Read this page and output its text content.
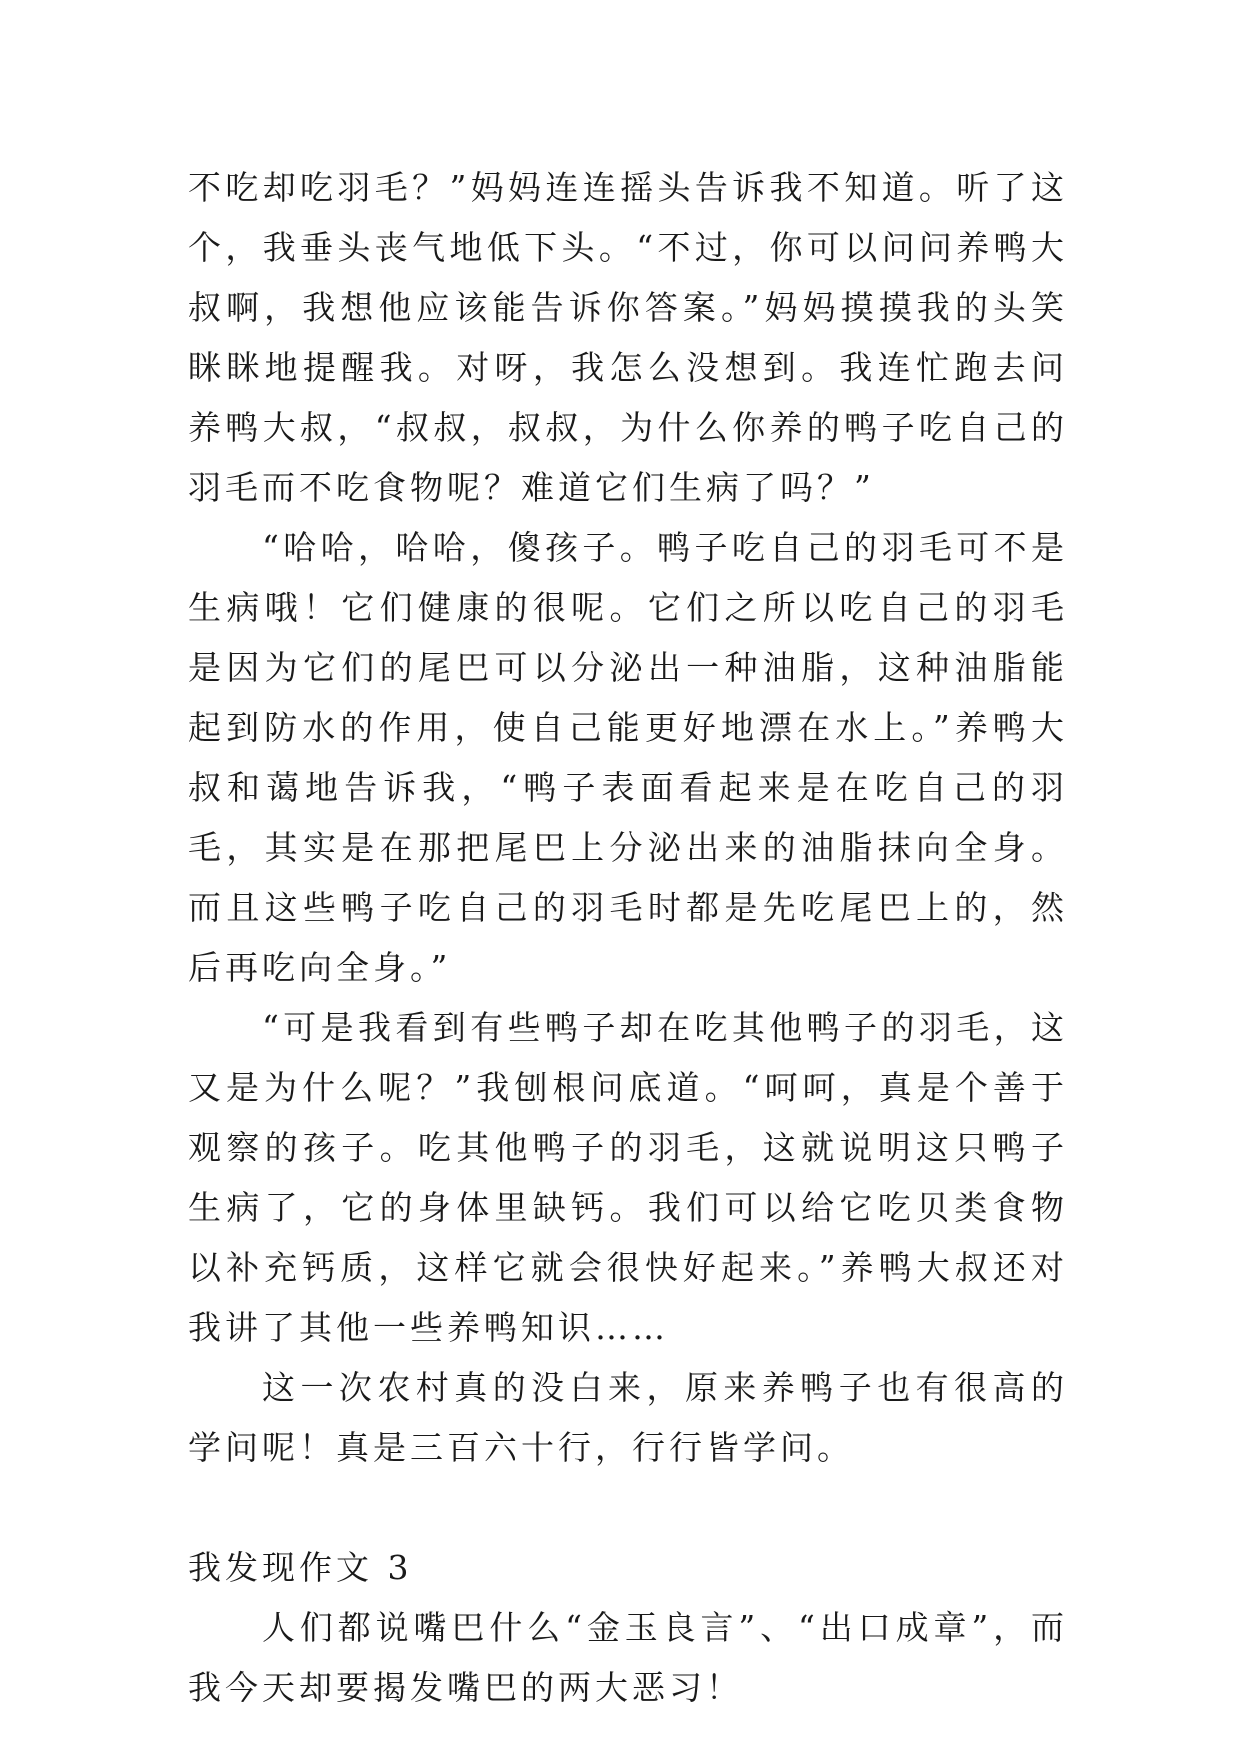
不吃却吃羽毛？”妈妈连连摇头告诉我不知道。听了这个，我垂头丧气地低下头。“不过，你可以问问养鸭大叔啊，我想他应该能告诉你答案。”妈妈摸摸我的头笑眯眯地提醒我。对呀，我怎么没想到。我连忙跑去问养鸭大叔，“叔叔，叔叔，为什么你养的鸭子吃自己的羽毛而不吃食物呢？难道它们生病了吗？”

“哈哈，哈哈，傻孩子。鸭子吃自己的羽毛可不是生病哦！它们健康的很呢。它们之所以吃自己的羽毛是因为它们的尾巴可以分泌出一种油脂，这种油脂能起到防水的作用，使自己能更好地漂在水上。”养鸭大叔和蔼地告诉我，“鸭子表面看起来是在吃自己的羽毛，其实是在那把尾巴上分泌出来的油脂抹向全身。而且这些鸭子吃自己的羽毛时都是先吃尾巴上的，然后再吃向全身。”

“可是我看到有些鸭子却在吃其他鸭子的羽毛，这又是为什么呢？”我刨根问底道。“呵呵，真是个善于观察的孩子。吃其他鸭子的羽毛，这就说明这只鸭子生病了，它的身体里缺钙。我们可以给它吃贝类食物以补充钙质，这样它就会很快好起来。”养鸭大叔还对我讲了其他一些养鸭知识……

这一次农村真的没白来，原来养鸭子也有很高的学问呢！真是三百六十行，行行皆学问。

我发现作文 3

人们都说嘴巴什么“金玉良言”、“出口成章”，而我今天却要揭发嘴巴的两大恶习！
